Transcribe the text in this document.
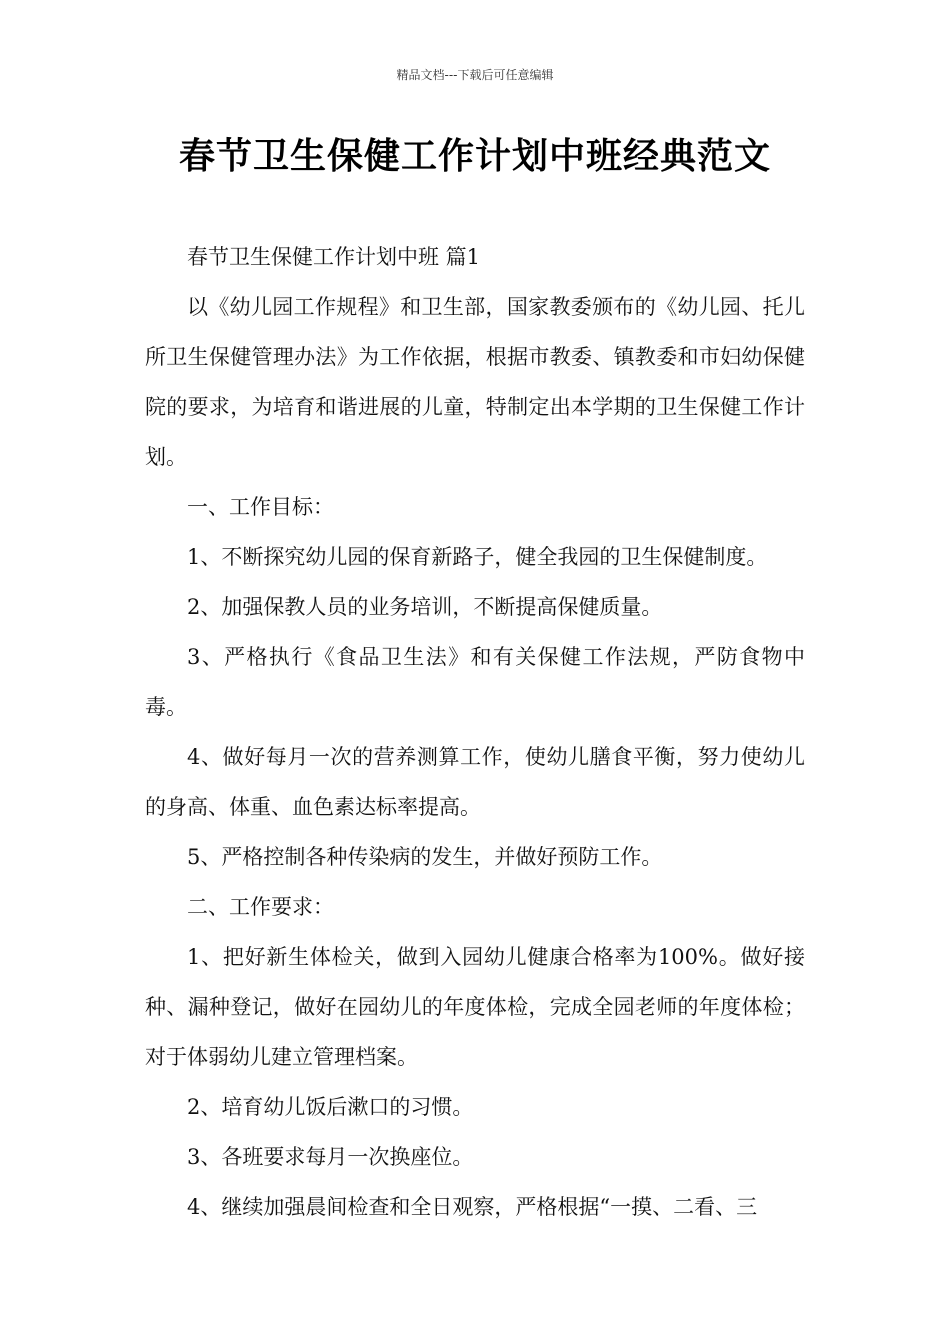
精品文档---下载后可任意编辑
春节卫生保健工作计划中班经典范文

春节卫生保健工作计划中班 篇1

以《幼儿园工作规程》和卫生部，国家教委颁布的《幼儿园、托儿所卫生保健管理办法》为工作依据，根据市教委、镇教委和市妇幼保健院的要求，为培育和谐进展的儿童，特制定出本学期的卫生保健工作计划。

一、工作目标：

1、不断探究幼儿园的保育新路子，健全我园的卫生保健制度。

2、加强保教人员的业务培训，不断提高保健质量。

3、严格执行《食品卫生法》和有关保健工作法规，严防食物中毒。

4、做好每月一次的营养测算工作，使幼儿膳食平衡，努力使幼儿的身高、体重、血色素达标率提高。

5、严格控制各种传染病的发生，并做好预防工作。

二、工作要求：

1、把好新生体检关，做到入园幼儿健康合格率为100%。做好接种、漏种登记，做好在园幼儿的年度体检，完成全园老师的年度体检；对于体弱幼儿建立管理档案。

2、培育幼儿饭后漱口的习惯。

3、各班要求每月一次换座位。

4、继续加强晨间检查和全日观察，严格根据“一摸、二看、三
